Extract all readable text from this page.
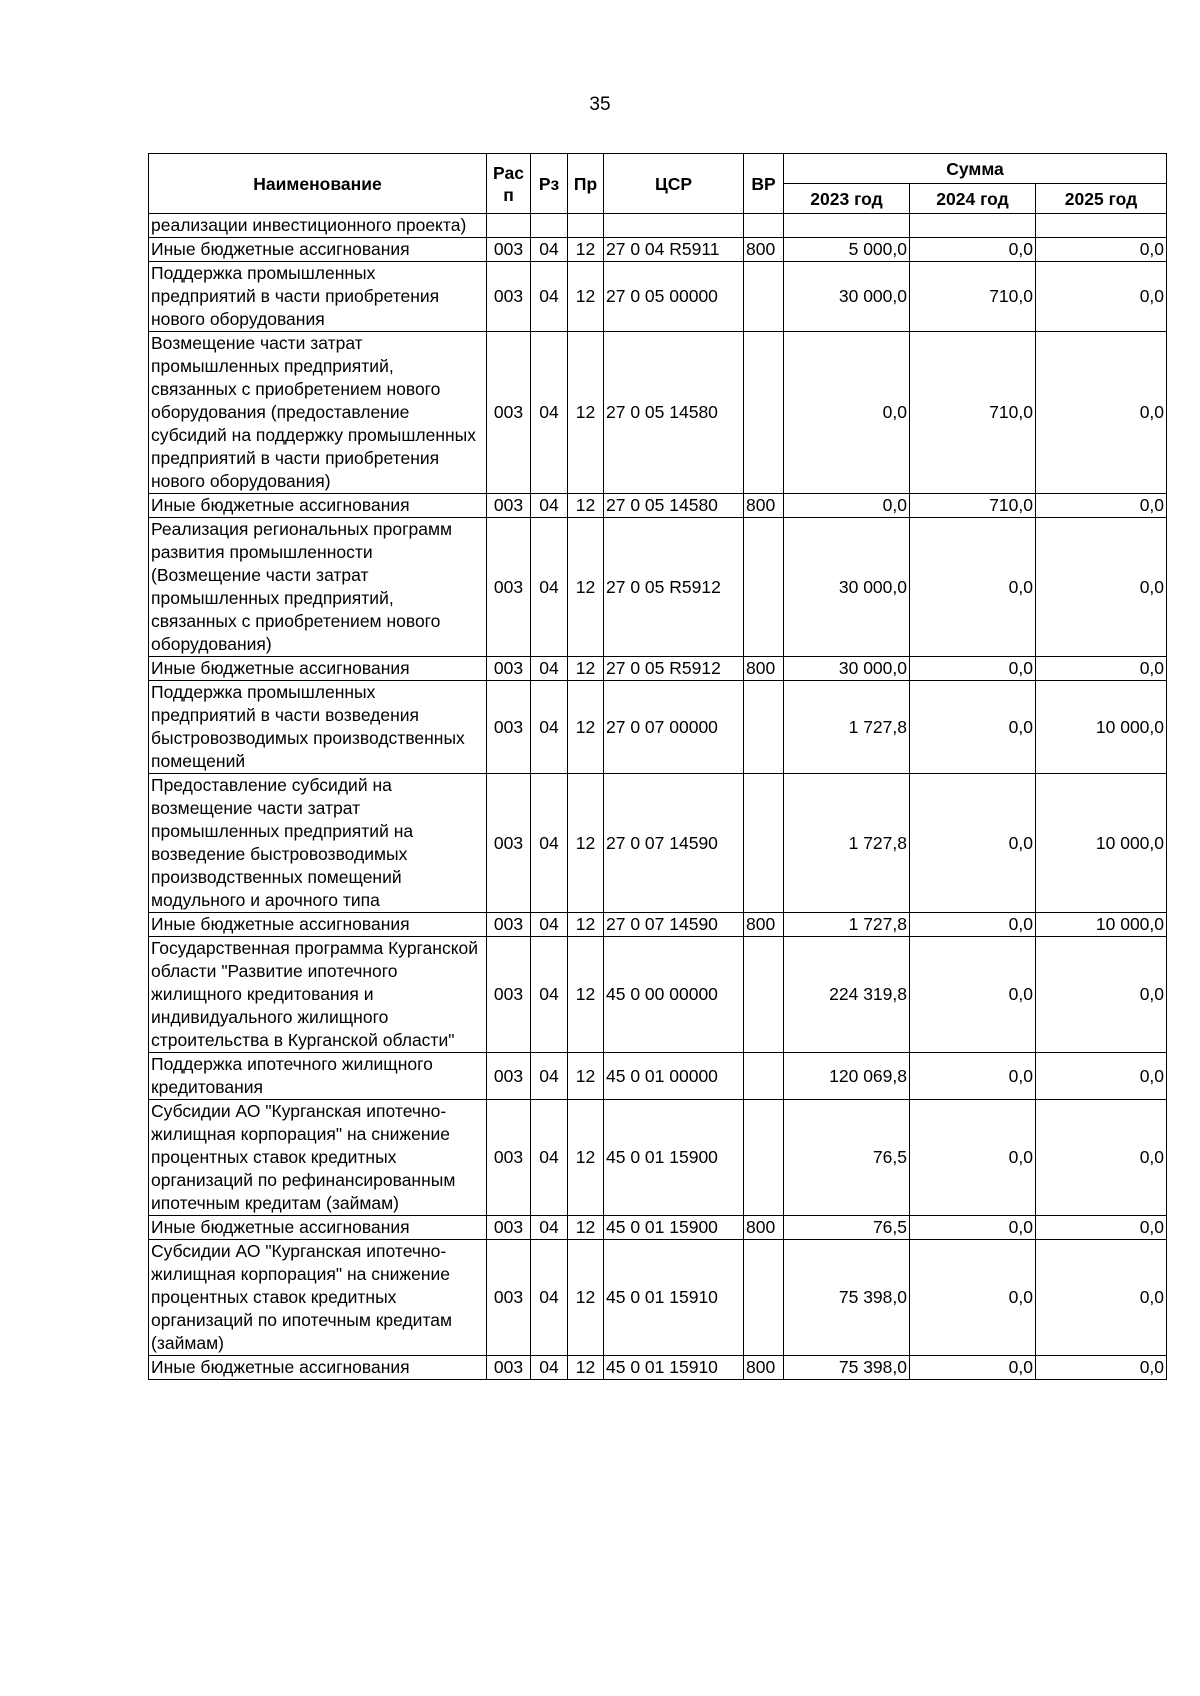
35
Наименование	Рас п	Рз	Пр	ЦСР	ВР	Сумма		
						2023 год	2024 год	2025 год
реализации инвестиционного проекта)								
Иные бюджетные ассигнования	003	04	12	27 0 04 R5911	800	5 000,0	0,0	0,0
Поддержка промышленных предприятий в части приобретения нового оборудования	003	04	12	27 0 05 00000		30 000,0	710,0	0,0
Возмещение части затрат промышленных предприятий, связанных с приобретением нового оборудования (предоставление субсидий на поддержку промышленных предприятий в части приобретения нового оборудования)	003	04	12	27 0 05 14580		0,0	710,0	0,0
Иные бюджетные ассигнования	003	04	12	27 0 05 14580	800	0,0	710,0	0,0
Реализация региональных программ развития промышленности (Возмещение части затрат промышленных предприятий, связанных с приобретением нового оборудования)	003	04	12	27 0 05 R5912		30 000,0	0,0	0,0
Иные бюджетные ассигнования	003	04	12	27 0 05 R5912	800	30 000,0	0,0	0,0
Поддержка промышленных предприятий в части возведения быстровозводимых производственных помещений	003	04	12	27 0 07 00000		1 727,8	0,0	10 000,0
Предоставление субсидий на возмещение части затрат промышленных предприятий на возведение быстровозводимых производственных помещений модульного и арочного типа	003	04	12	27 0 07 14590		1 727,8	0,0	10 000,0
Иные бюджетные ассигнования	003	04	12	27 0 07 14590	800	1 727,8	0,0	10 000,0
Государственная программа Курганской области "Развитие ипотечного жилищного кредитования и индивидуального жилищного строительства в Курганской области"	003	04	12	45 0 00 00000		224 319,8	0,0	0,0
Поддержка ипотечного жилищного кредитования	003	04	12	45 0 01 00000		120 069,8	0,0	0,0
Субсидии АО "Курганская ипотечно-жилищная корпорация" на снижение процентных ставок кредитных организаций по рефинансированным ипотечным кредитам (займам)	003	04	12	45 0 01 15900		76,5	0,0	0,0
Иные бюджетные ассигнования	003	04	12	45 0 01 15900	800	76,5	0,0	0,0
Субсидии АО "Курганская ипотечно-жилищная корпорация" на снижение процентных ставок кредитных организаций по ипотечным кредитам (займам)	003	04	12	45 0 01 15910		75 398,0	0,0	0,0
Иные бюджетные ассигнования	003	04	12	45 0 01 15910	800	75 398,0	0,0	0,0
